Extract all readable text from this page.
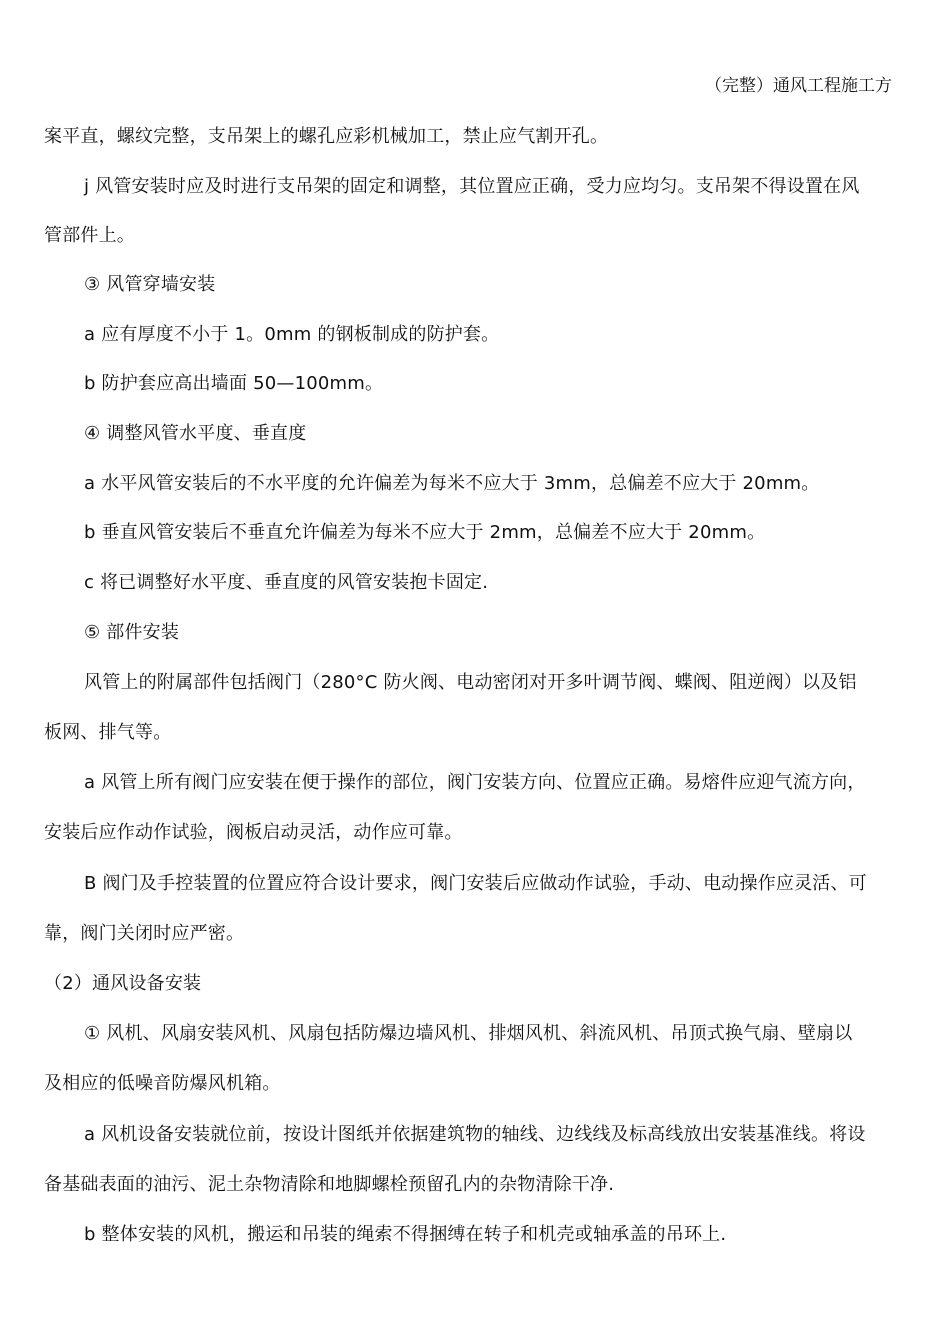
（完整）通风工程施工方
案平直，螺纹完整，支吊架上的螺孔应彩机械加工，禁止应气割开孔。
j 风管安装时应及时进行支吊架的固定和调整，其位置应正确，受力应均匀。支吊架不得设置在风
管部件上。
③ 风管穿墙安装
a 应有厚度不小于 1。0mm 的钢板制成的防护套。
b 防护套应高出墙面 50—100mm。
④ 调整风管水平度、垂直度
a 水平风管安装后的不水平度的允许偏差为每米不应大于 3mm，总偏差不应大于 20mm。
b 垂直风管安装后不垂直允许偏差为每米不应大于 2mm，总偏差不应大于 20mm。
c 将已调整好水平度、垂直度的风管安装抱卡固定.
⑤ 部件安装
风管上的附属部件包括阀门（280°C 防火阀、电动密闭对开多叶调节阀、蝶阀、阻逆阀）以及铝
板网、排气等。
a 风管上所有阀门应安装在便于操作的部位，阀门安装方向、位置应正确。易熔件应迎气流方向，
安装后应作动作试验，阀板启动灵活，动作应可靠。
B 阀门及手控装置的位置应符合设计要求，阀门安装后应做动作试验，手动、电动操作应灵活、可
靠，阀门关闭时应严密。
（2）通风设备安装
① 风机、风扇安装风机、风扇包括防爆边墙风机、排烟风机、斜流风机、吊顶式换气扇、壁扇以
及相应的低噪音防爆风机箱。
a 风机设备安装就位前，按设计图纸并依据建筑物的轴线、边线线及标高线放出安装基准线。将设
备基础表面的油污、泥土杂物清除和地脚螺栓预留孔内的杂物清除干净.
b 整体安装的风机，搬运和吊装的绳索不得捆缚在转子和机壳或轴承盖的吊环上.
